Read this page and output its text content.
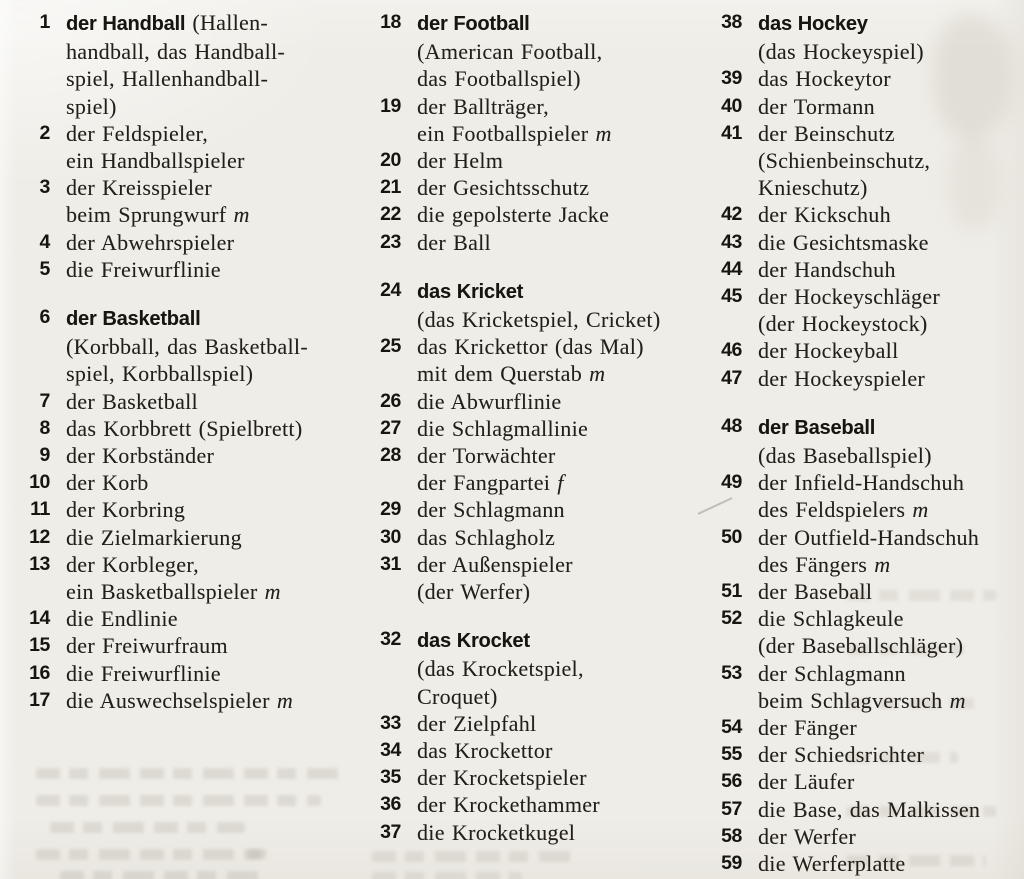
1 der Handball (Hallen-
handball, das Handball-
spiel, Hallenhandball-
spiel)
2 der Feldspieler,
ein Handballspieler
3 der Kreisspieler
beim Sprungwurf m
4 der Abwehrspieler
5 die Freiwurflinie
6 der Basketball
(Korbball, das Basketball-
spiel, Korbballspiel)
7 der Basketball
8 das Korbbrett (Spielbrett)
9 der Korbständer
10 der Korb
11 der Korbring
12 die Zielmarkierung
13 der Korbleger,
ein Basketballspieler m
14 die Endlinie
15 der Freiwurfraum
16 die Freiwurflinie
17 die Auswechselspieler m
18 der Football
(American Football,
das Footballspiel)
19 der Ballträger,
ein Footballspieler m
20 der Helm
21 der Gesichtsschutz
22 die gepolsterte Jacke
23 der Ball
24 das Kricket
(das Kricketspiel, Cricket)
25 das Krickettor (das Mal)
mit dem Querstab m
26 die Abwurflinie
27 die Schlagmallinie
28 der Torwächter
der Fangpartei f
29 der Schlagmann
30 das Schlagholz
31 der Außenspieler
(der Werfer)
32 das Krocket
(das Krocketspiel,
Croquet)
33 der Zielpfahl
34 das Krockettor
35 der Krocketspieler
36 der Krockethammer
37 die Krocketkugel
38 das Hockey
(das Hockeyspiel)
39 das Hockeytor
40 der Tormann
41 der Beinschutz
(Schienbeinschutz,
Knieschutz)
42 der Kickschuh
43 die Gesichtsmaske
44 der Handschuh
45 der Hockeyschläger
(der Hockeystock)
46 der Hockeyball
47 der Hockeyspieler
48 der Baseball
(das Baseballspiel)
49 der Infield-Handschuh
des Feldspielers m
50 der Outfield-Handschuh
des Fängers m
51 der Baseball
52 die Schlagkeule
(der Baseballschläger)
53 der Schlagmann
beim Schlagversuch m
54 der Fänger
55 der Schiedsrichter
56 der Läufer
57 die Base, das Malkissen
58 der Werfer
59 die Werferplatte
